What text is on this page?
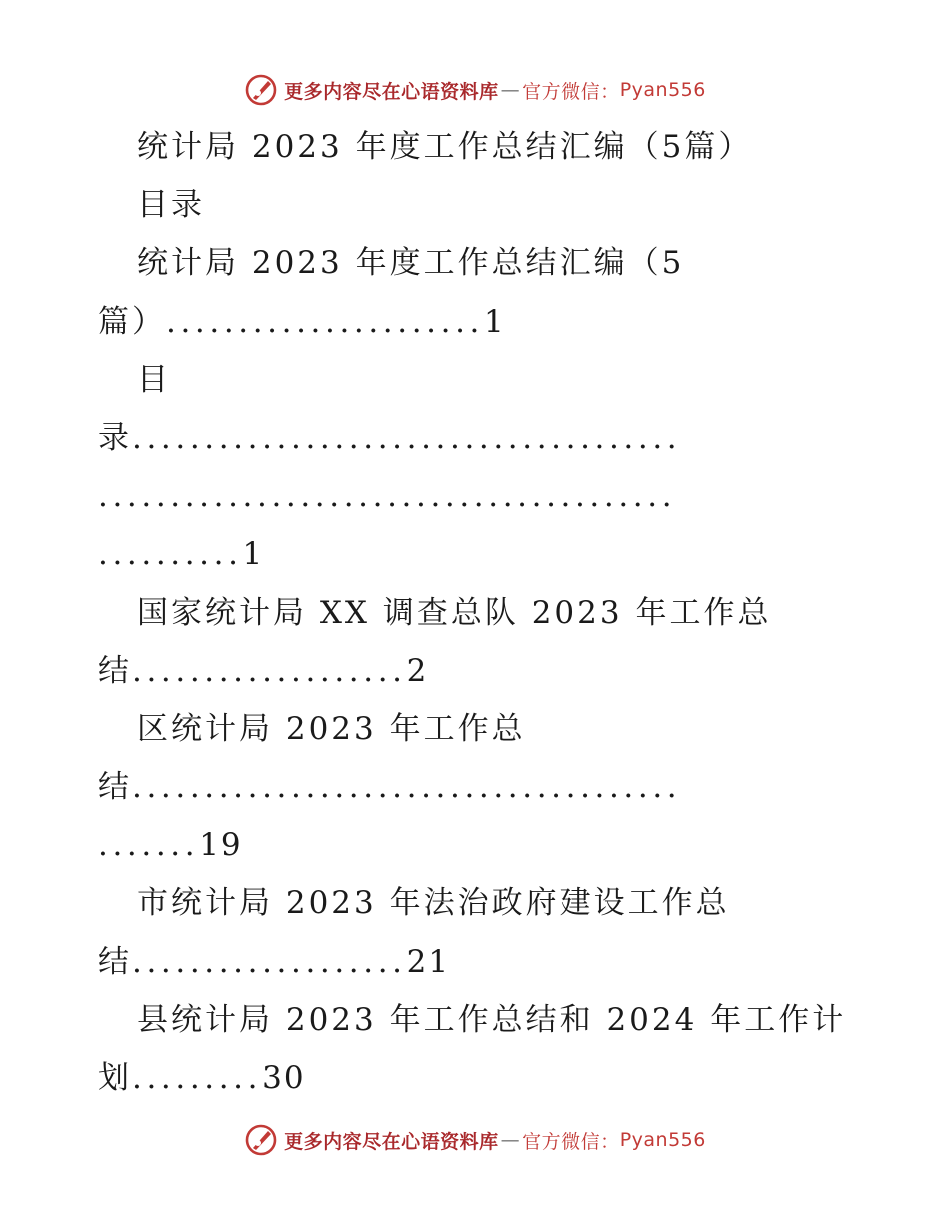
更多内容尽在心语资料库 — 官方微信： Pyan556
统计局 2023 年度工作总结汇编（5篇）
目录
统计局 2023 年度工作总结汇编（5
篇）......................1
目
录......................................
........................................
..........1
国家统计局 XX 调查总队 2023 年工作总
结...................2
区统计局 2023 年工作总
结......................................
.......19
市统计局 2023 年法治政府建设工作总
结...................21
县统计局 2023 年工作总结和 2024 年工作计
划.........30
更多内容尽在心语资料库 — 官方微信： Pyan556
